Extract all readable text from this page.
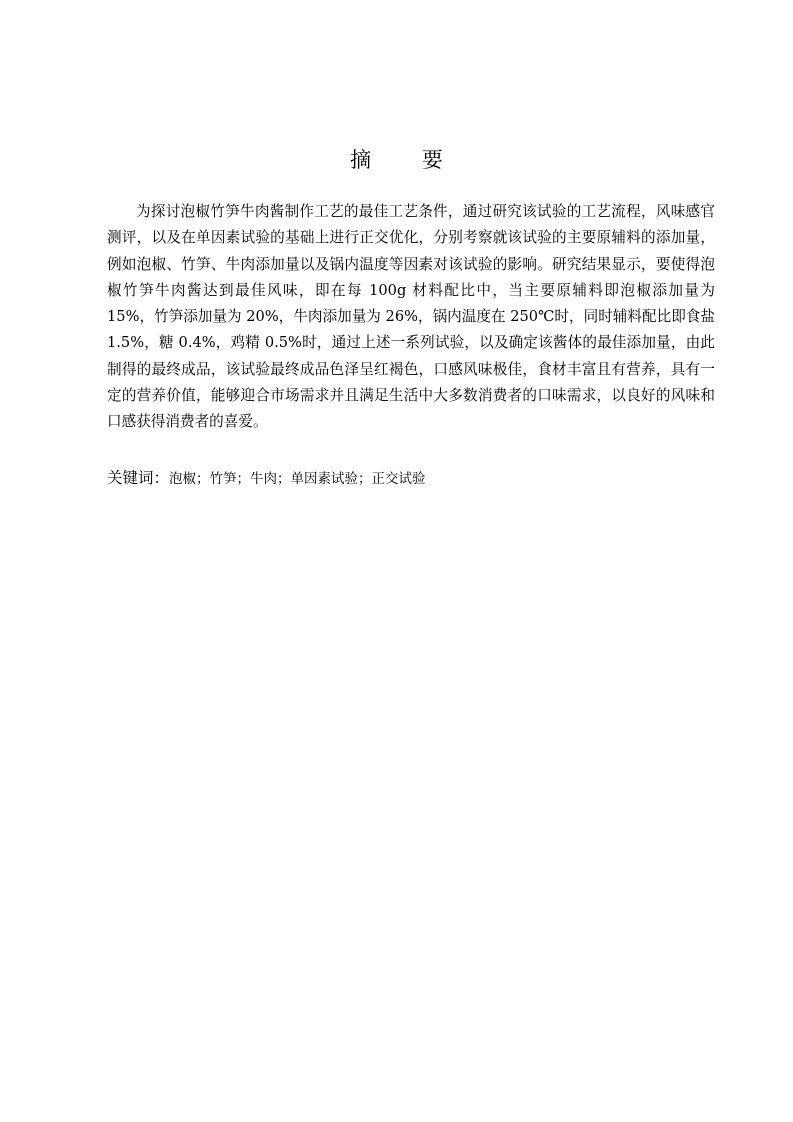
摘 要

为探讨泡椒竹笋牛肉酱制作工艺的最佳工艺条件，通过研究该试验的工艺流程，风味感官测评，以及在单因素试验的基础上进行正交优化，分别考察就该试验的主要原辅料的添加量，例如泡椒、竹笋、牛肉添加量以及锅内温度等因素对该试验的影响。研究结果显示，要使得泡椒竹笋牛肉酱达到最佳风味，即在每 100g 材料配比中，当主要原辅料即泡椒添加量为 15%，竹笋添加量为 20%，牛肉添加量为 26%，锅内温度在 250℃时，同时辅料配比即食盐 1.5%，糖 0.4%，鸡精 0.5%时，通过上述一系列试验，以及确定该酱体的最佳添加量，由此制得的最终成品，该试验最终成品色泽呈红褐色，口感风味极佳，食材丰富且有营养，具有一定的营养价值，能够迎合市场需求并且满足生活中大多数消费者的口味需求，以良好的风味和口感获得消费者的喜爱。

关键词：泡椒；竹笋；牛肉；单因素试验；正交试验
